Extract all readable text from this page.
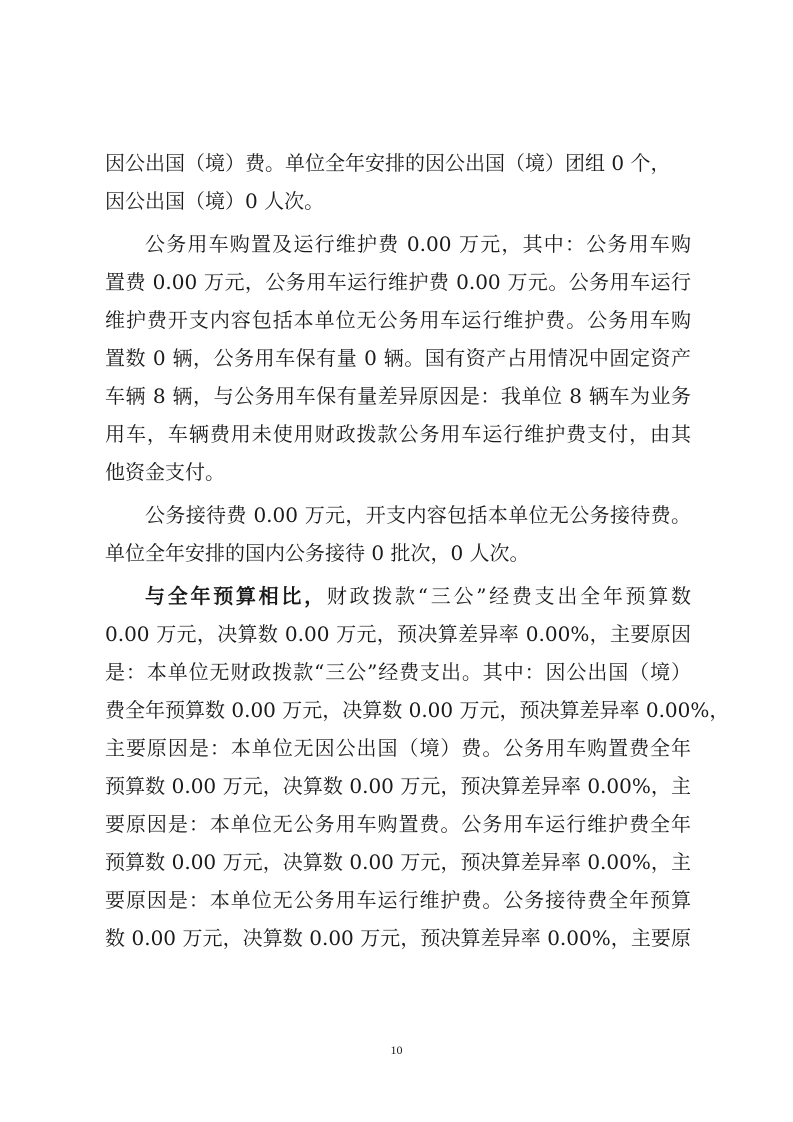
因公出国（境）费。单位全年安排的因公出国（境）团组 0 个，
因公出国（境）0 人次。
公务用车购置及运行维护费 0.00 万元，其中：公务用车购
置费 0.00 万元，公务用车运行维护费 0.00 万元。公务用车运行
维护费开支内容包括本单位无公务用车运行维护费。公务用车购
置数 0 辆，公务用车保有量 0 辆。国有资产占用情况中固定资产
车辆 8 辆，与公务用车保有量差异原因是：我单位 8 辆车为业务
用车，车辆费用未使用财政拨款公务用车运行维护费支付，由其
他资金支付。
公务接待费 0.00 万元，开支内容包括本单位无公务接待费。
单位全年安排的国内公务接待 0 批次，0 人次。
与全年预算相比，财政拨款“三公”经费支出全年预算数
0.00 万元，决算数 0.00 万元，预决算差异率 0.00%，主要原因
是：本单位无财政拨款“三公”经费支出。其中：因公出国（境）
费全年预算数 0.00 万元，决算数 0.00 万元，预决算差异率 0.00%，
主要原因是：本单位无因公出国（境）费。公务用车购置费全年
预算数 0.00 万元，决算数 0.00 万元，预决算差异率 0.00%，主
要原因是：本单位无公务用车购置费。公务用车运行维护费全年
预算数 0.00 万元，决算数 0.00 万元，预决算差异率 0.00%，主
要原因是：本单位无公务用车运行维护费。公务接待费全年预算
数 0.00 万元，决算数 0.00 万元，预决算差异率 0.00%，主要原
10
